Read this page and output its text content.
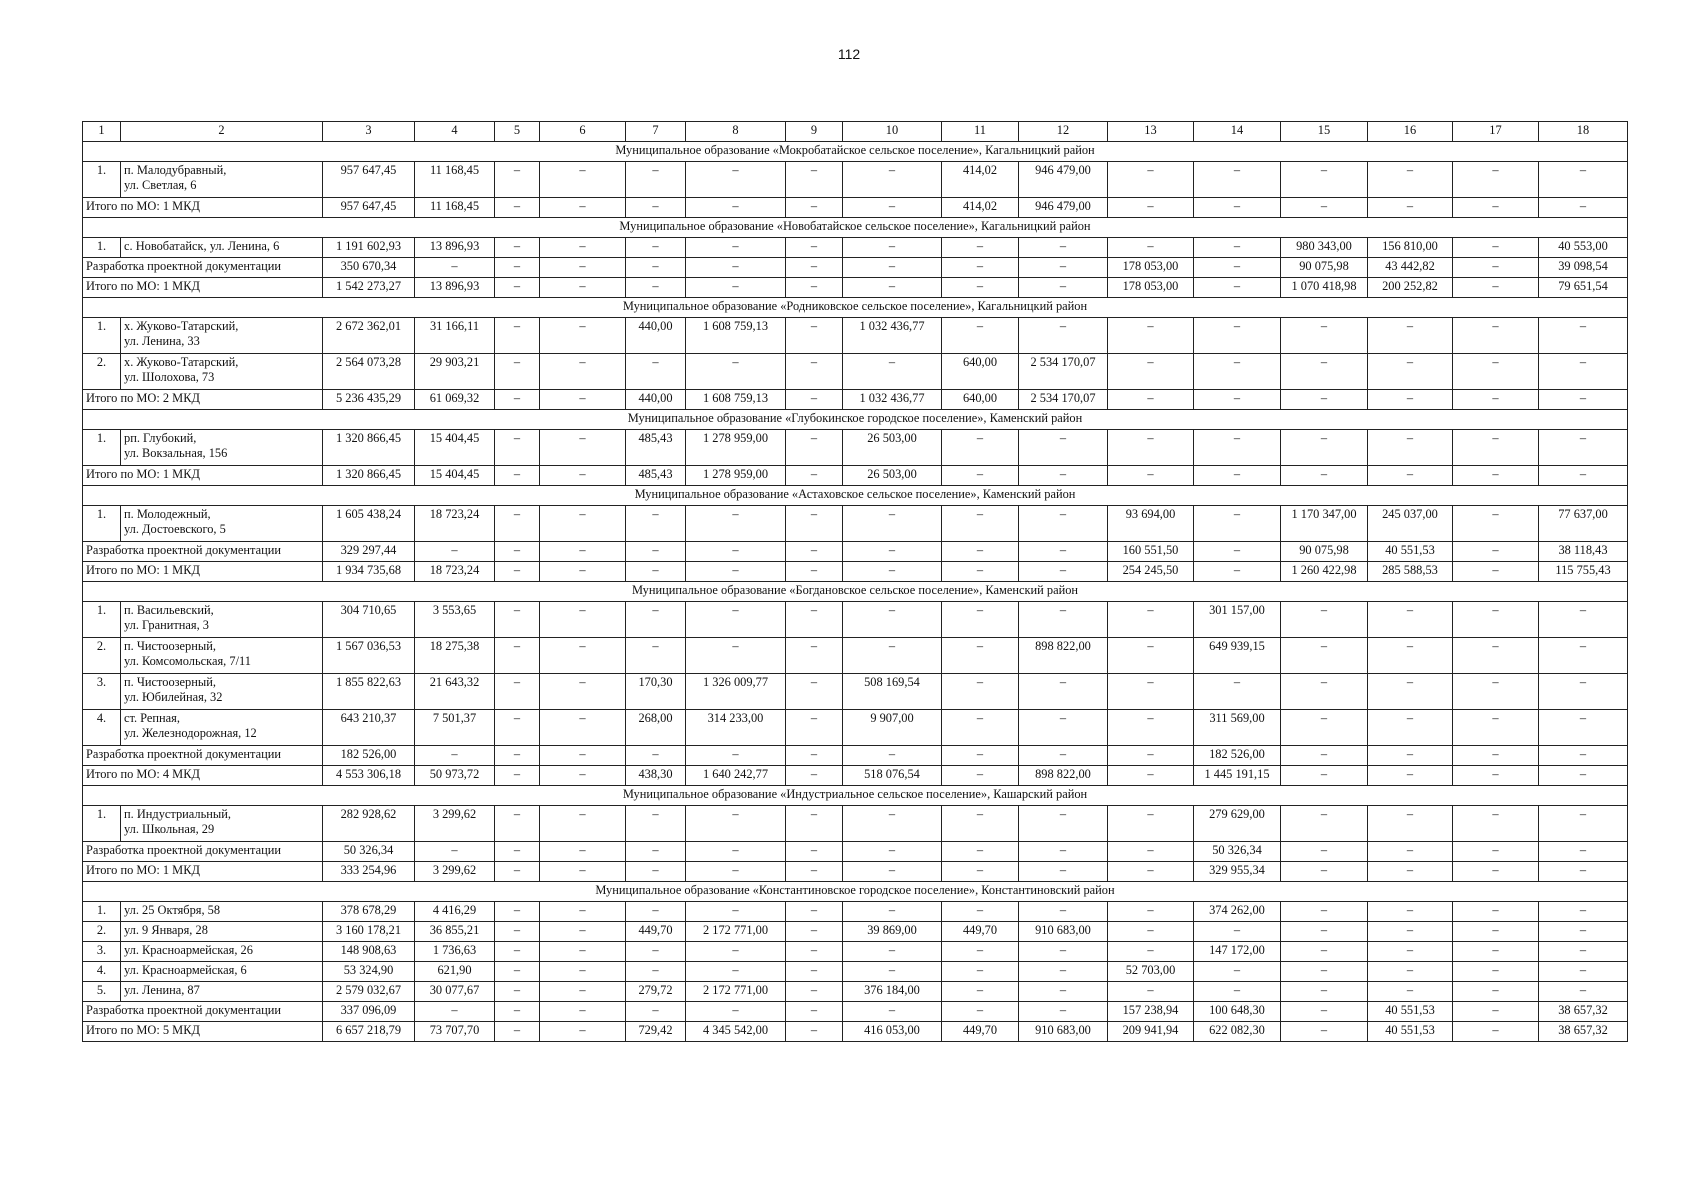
112
1	2	3	4	5	6	7	8	9	10	11	12	13	14	15	16	17	18
Муниципальное образование «Мокробатайское сельское поселение», Кагальницкий район																	
1.	п. Малодубравный,
ул. Светлая, 6	957 647,45	11 168,45	–	–	–	–	–	–	414,02	946 479,00	–	–	–	–	–	–
Итого по МО: 1 МКД		957 647,45	11 168,45	–	–	–	–	–	–	414,02	946 479,00	–	–	–	–	–	–
Муниципальное образование «Новобатайское сельское поселение», Кагальницкий район																	
1.	с. Новобатайск, ул. Ленина, 6	1 191 602,93	13 896,93	–	–	–	–	–	–	–	–	–	–	980 343,00	156 810,00	–	40 553,00
Разработка проектной документации		350 670,34	–	–	–	–	–	–	–	–	–	178 053,00	–	90 075,98	43 442,82	–	39 098,54
Итого по МО: 1 МКД		1 542 273,27	13 896,93	–	–	–	–	–	–	–	–	178 053,00	–	1 070 418,98	200 252,82	–	79 651,54
Муниципальное образование «Родниковское сельское поселение», Кагальницкий район																	
1.	х. Жуково-Татарский,
ул. Ленина, 33	2 672 362,01	31 166,11	–	–	440,00	1 608 759,13	–	1 032 436,77	–	–	–	–	–	–	–	–
2.	х. Жуково-Татарский,
ул. Шолохова, 73	2 564 073,28	29 903,21	–	–	–	–	–	–	640,00	2 534 170,07	–	–	–	–	–	–
Итого по МО: 2 МКД		5 236 435,29	61 069,32	–	–	440,00	1 608 759,13	–	1 032 436,77	640,00	2 534 170,07	–	–	–	–	–	–
Муниципальное образование «Глубокинское городское поселение», Каменский район																	
1.	рп. Глубокий,
ул. Вокзальная, 156	1 320 866,45	15 404,45	–	–	485,43	1 278 959,00	–	26 503,00	–	–	–	–	–	–	–	–
Итого по МО: 1 МКД		1 320 866,45	15 404,45	–	–	485,43	1 278 959,00	–	26 503,00	–	–	–	–	–	–	–	–
Муниципальное образование «Астаховское сельское поселение», Каменский район																	
1.	п. Молодежный,
ул. Достоевского, 5	1 605 438,24	18 723,24	–	–	–	–	–	–	–	–	93 694,00	–	1 170 347,00	245 037,00	–	77 637,00
Разработка проектной документации		329 297,44	–	–	–	–	–	–	–	–	–	160 551,50	–	90 075,98	40 551,53	–	38 118,43
Итого по МО: 1 МКД		1 934 735,68	18 723,24	–	–	–	–	–	–	–	–	254 245,50	–	1 260 422,98	285 588,53	–	115 755,43
Муниципальное образование «Богдановское сельское поселение», Каменский район																	
1.	п. Васильевский,
ул. Гранитная, 3	304 710,65	3 553,65	–	–	–	–	–	–	–	–	–	301 157,00	–	–	–	–
2.	п. Чистоозерный,
ул. Комсомольская, 7/11	1 567 036,53	18 275,38	–	–	–	–	–	–	–	898 822,00	–	649 939,15	–	–	–	–
3.	п. Чистоозерный,
ул. Юбилейная, 32	1 855 822,63	21 643,32	–	–	170,30	1 326 009,77	–	508 169,54	–	–	–	–	–	–	–	–
4.	ст. Репная,
ул. Железнодорожная, 12	643 210,37	7 501,37	–	–	268,00	314 233,00	–	9 907,00	–	–	–	311 569,00	–	–	–	–
Разработка проектной документации		182 526,00	–	–	–	–	–	–	–	–	–	–	182 526,00	–	–	–	–
Итого по МО: 4 МКД		4 553 306,18	50 973,72	–	–	438,30	1 640 242,77	–	518 076,54	–	898 822,00	–	1 445 191,15	–	–	–	–
Муниципальное образование «Индустриальное сельское поселение», Кашарский район																	
1.	п. Индустриальный,
ул. Школьная, 29	282 928,62	3 299,62	–	–	–	–	–	–	–	–	–	279 629,00	–	–	–	–
Разработка проектной документации		50 326,34	–	–	–	–	–	–	–	–	–	–	50 326,34	–	–	–	–
Итого по МО: 1 МКД		333 254,96	3 299,62	–	–	–	–	–	–	–	–	–	329 955,34	–	–	–	–
Муниципальное образование «Константиновское городское поселение», Константиновский район																	
1.	ул. 25 Октября, 58	378 678,29	4 416,29	–	–	–	–	–	–	–	–	–	374 262,00	–	–	–	–
2.	ул. 9 Января, 28	3 160 178,21	36 855,21	–	–	449,70	2 172 771,00	–	39 869,00	449,70	910 683,00	–	–	–	–	–	–
3.	ул. Красноармейская, 26	148 908,63	1 736,63	–	–	–	–	–	–	–	–	–	147 172,00	–	–	–	–
4.	ул. Красноармейская, 6	53 324,90	621,90	–	–	–	–	–	–	–	–	52 703,00	–	–	–	–	–
5.	ул. Ленина, 87	2 579 032,67	30 077,67	–	–	279,72	2 172 771,00	–	376 184,00	–	–	–	–	–	–	–	–
Разработка проектной документации		337 096,09	–	–	–	–	–	–	–	–	–	157 238,94	100 648,30	–	40 551,53	–	38 657,32
Итого по МО: 5 МКД		6 657 218,79	73 707,70	–	–	729,42	4 345 542,00	–	416 053,00	449,70	910 683,00	209 941,94	622 082,30	–	40 551,53	–	38 657,32
